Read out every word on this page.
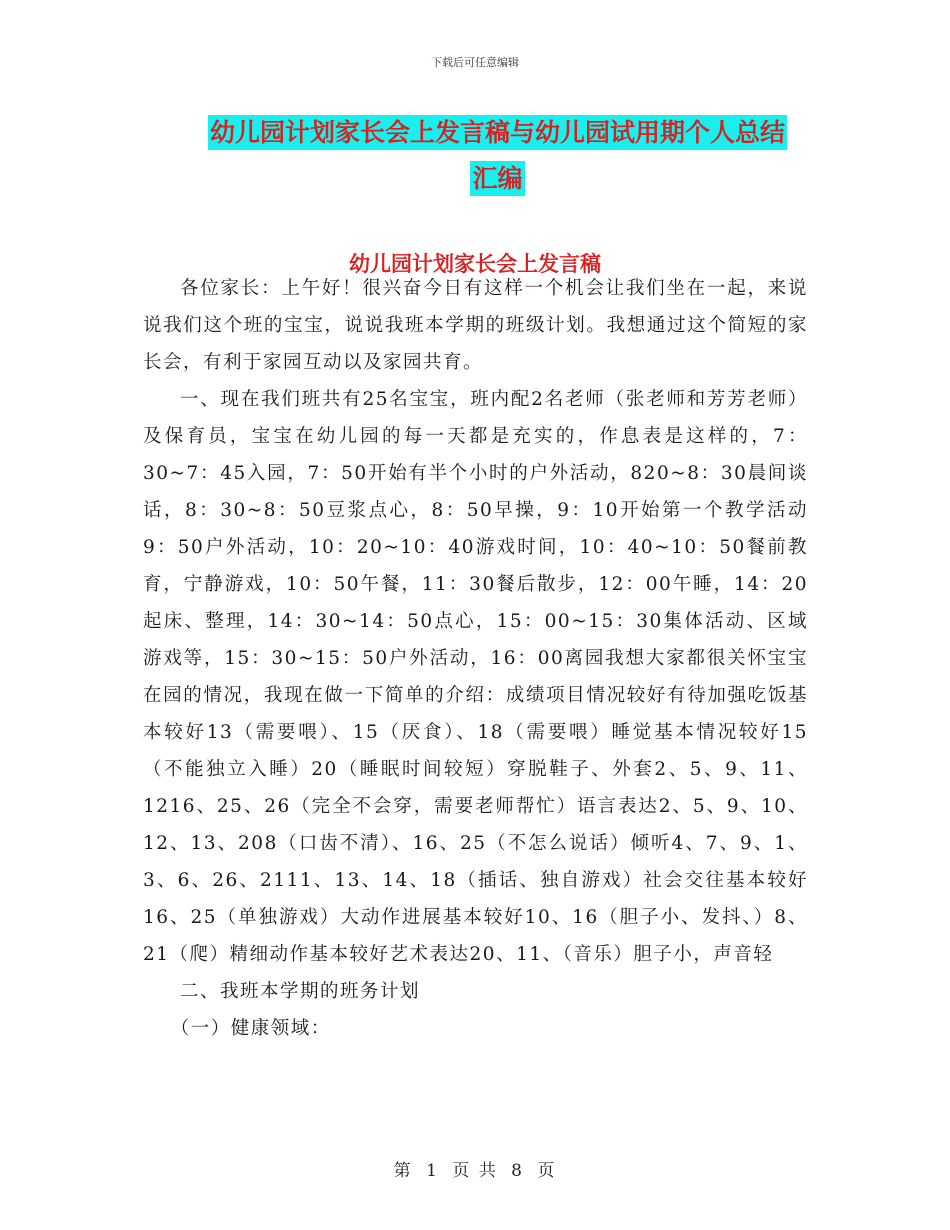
下载后可任意编辑
幼儿园计划家长会上发言稿与幼儿园试用期个人总结
汇编
幼儿园计划家长会上发言稿

各位家长：上午好！很兴奋今日有这样一个机会让我们坐在一起，来说说我们这个班的宝宝，说说我班本学期的班级计划。我想通过这个简短的家长会，有利于家园互动以及家园共育。

一、现在我们班共有25名宝宝，班内配2名老师（张老师和芳芳老师）及保育员，宝宝在幼儿园的每一天都是充实的，作息表是这样的，7：30~7：45入园，7：50开始有半个小时的户外活动，820~8：30晨间谈话，8：30~8：50豆浆点心，8：50早操，9：10开始第一个教学活动9：50户外活动，10：20~10：40游戏时间，10：40~10：50餐前教育，宁静游戏，10：50午餐，11：30餐后散步，12：00午睡，14：20起床、整理，14：30~14：50点心，15：00~15：30集体活动、区域游戏等，15：30~15：50户外活动，16：00离园我想大家都很关怀宝宝在园的情况，我现在做一下简单的介绍：成绩项目情况较好有待加强吃饭基本较好13（需要喂）、15（厌食）、18（需要喂）睡觉基本情况较好15（不能独立入睡）20（睡眠时间较短）穿脱鞋子、外套2、5、9、11、1216、25、26（完全不会穿，需要老师帮忙）语言表达2、5、9、10、12、13、208（口齿不清）、16、25（不怎么说话）倾听4、7、9、1、3、6、26、2111、13、14、18（插话、独自游戏）社会交往基本较好16、25（单独游戏）大动作进展基本较好10、16（胆子小、发抖、）8、21（爬）精细动作基本较好艺术表达20、11、（音乐）胆子小，声音轻

二、我班本学期的班务计划

（一）健康领域：

第 1 页 共 8 页
